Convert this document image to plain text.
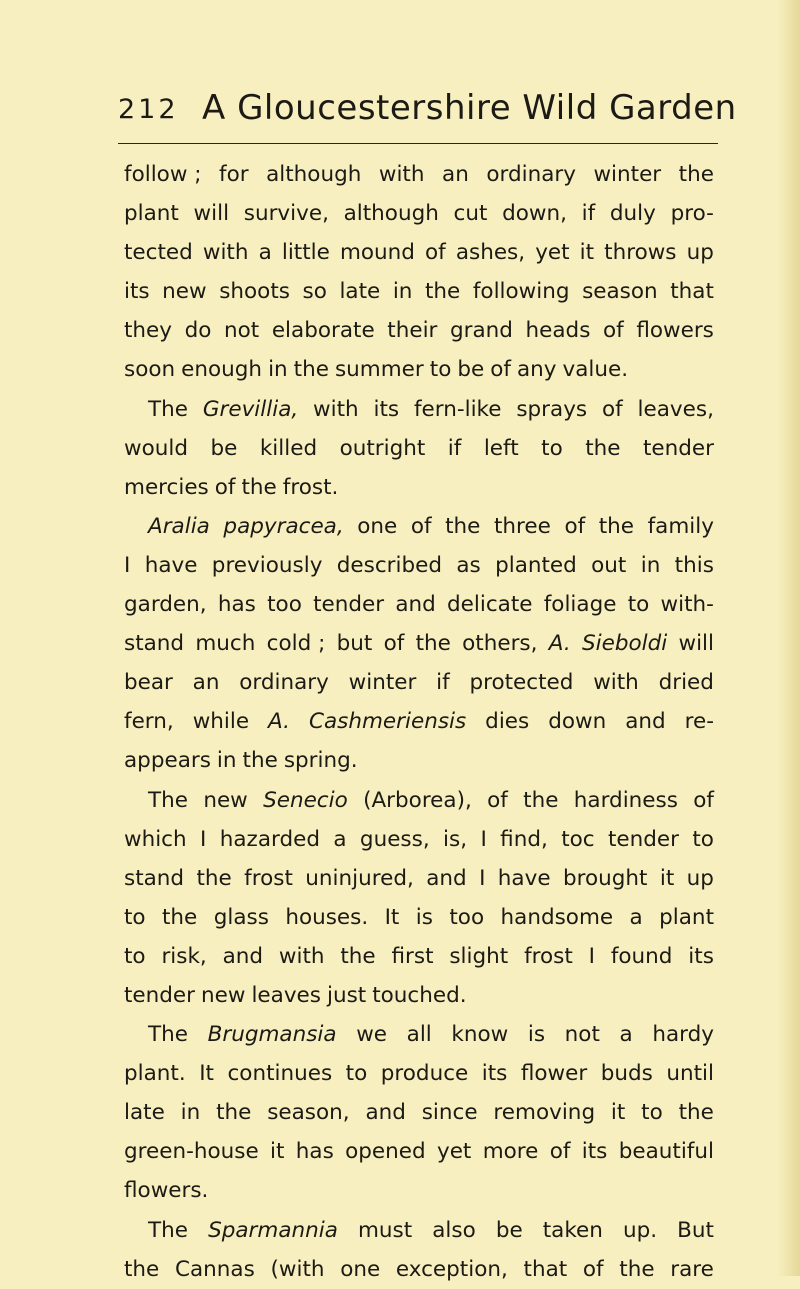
212 A Gloucestershire Wild Garden
follow ; for although with an ordinary winter the
plant will survive, although cut down, if duly pro-
tected with a little mound of ashes, yet it throws up
its new shoots so late in the following season that
they do not elaborate their grand heads of flowers
soon enough in the summer to be of any value.
The Grevillia, with its fern-like sprays of leaves,
would be killed outright if left to the tender
mercies of the frost.
Aralia papyracea, one of the three of the family
I have previously described as planted out in this
garden, has too tender and delicate foliage to with-
stand much cold ; but of the others, A. Sieboldi will
bear an ordinary winter if protected with dried
fern, while A. Cashmeriensis dies down and re-
appears in the spring.
The new Senecio (Arborea), of the hardiness of
which I hazarded a guess, is, I find, toc tender to
stand the frost uninjured, and I have brought it up
to the glass houses. It is too handsome a plant
to risk, and with the first slight frost I found its
tender new leaves just touched.
The Brugmansia we all know is not a hardy
plant. It continues to produce its flower buds until
late in the season, and since removing it to the
green-house it has opened yet more of its beautiful
flowers.
The Sparmannia must also be taken up. But
the Cannas (with one exception, that of the rare
